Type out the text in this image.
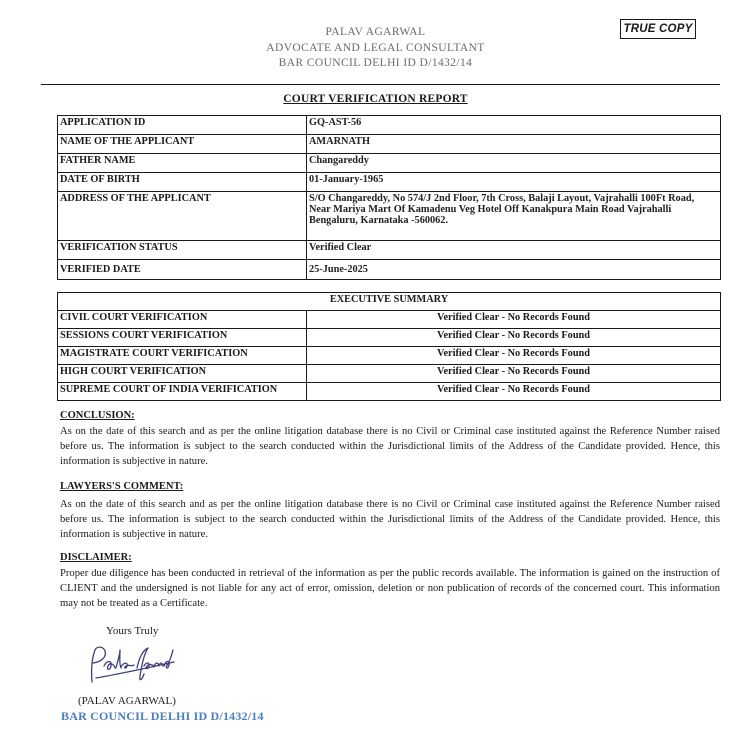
TRUE COPY
PALAV AGARWAL
ADVOCATE AND LEGAL CONSULTANT
BAR COUNCIL DELHI ID D/1432/14
COURT VERIFICATION REPORT
APPLICATION ID	GQ-AST-56
NAME OF THE APPLICANT	AMARNATH
FATHER NAME	Changareddy
DATE OF BIRTH	01-January-1965
ADDRESS OF THE APPLICANT	S/O Changareddy, No 574/J 2nd Floor, 7th Cross, Balaji Layout, Vajrahalli 100Ft Road, Near Mariya Mart Of Kamadenu Veg Hotel Off Kanakpura Main Road Vajrahalli Bengaluru, Karnataka -560062.
VERIFICATION STATUS	Verified Clear
VERIFIED DATE	25-June-2025
EXECUTIVE SUMMARY	
CIVIL COURT VERIFICATION	Verified Clear - No Records Found
SESSIONS COURT VERIFICATION	Verified Clear - No Records Found
MAGISTRATE COURT VERIFICATION	Verified Clear - No Records Found
HIGH COURT VERIFICATION	Verified Clear - No Records Found
SUPREME COURT OF INDIA VERIFICATION	Verified Clear - No Records Found
CONCLUSION:
As on the date of this search and as per the online litigation database there is no Civil or Criminal case instituted against the Reference Number raised before us. The information is subject to the search conducted within the Jurisdictional limits of the Address of the Candidate provided. Hence, this information is subjective in nature.
LAWYERS'S COMMENT:
As on the date of this search and as per the online litigation database there is no Civil or Criminal case instituted against the Reference Number raised before us. The information is subject to the search conducted within the Jurisdictional limits of the Address of the Candidate provided. Hence, this information is subjective in nature.
DISCLAIMER:
Proper due diligence has been conducted in retrieval of the information as per the public records available. The information is gained on the instruction of CLIENT and the undersigned is not liable for any act of error, omission, deletion or non publication of records of the concerned court. This information may not be treated as a Certificate.
Yours Truly
(PALAV AGARWAL)
BAR COUNCIL DELHI ID D/1432/14
